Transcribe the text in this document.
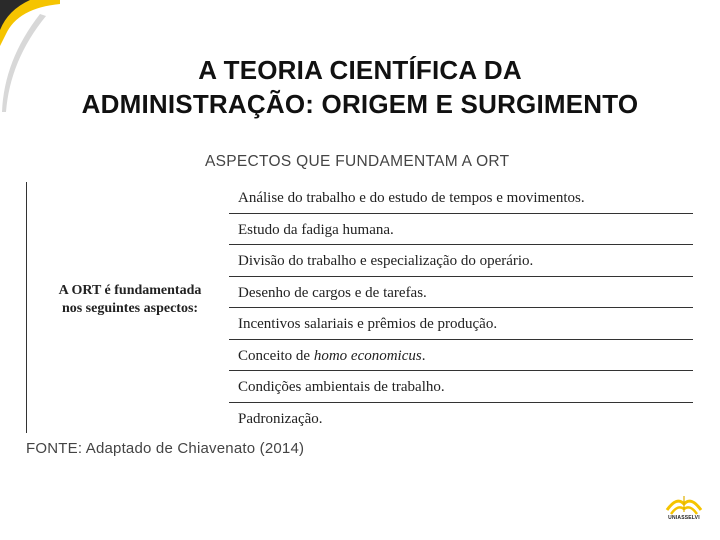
A TEORIA CIENTÍFICA DA
ADMINISTRAÇÃO: ORIGEM E SURGIMENTO
ASPECTOS QUE FUNDAMENTAM A ORT
A ORT é fundamentada
nos seguintes aspectos:
Análise do trabalho e do estudo de tempos e movimentos.
Estudo da fadiga humana.
Divisão do trabalho e especialização do operário.
Desenho de cargos e de tarefas.
Incentivos salariais e prêmios de produção.
Conceito de homo economicus.
Condições ambientais de trabalho.
Padronização.
FONTE: Adaptado de Chiavenato (2014)
UNIASSELVI
